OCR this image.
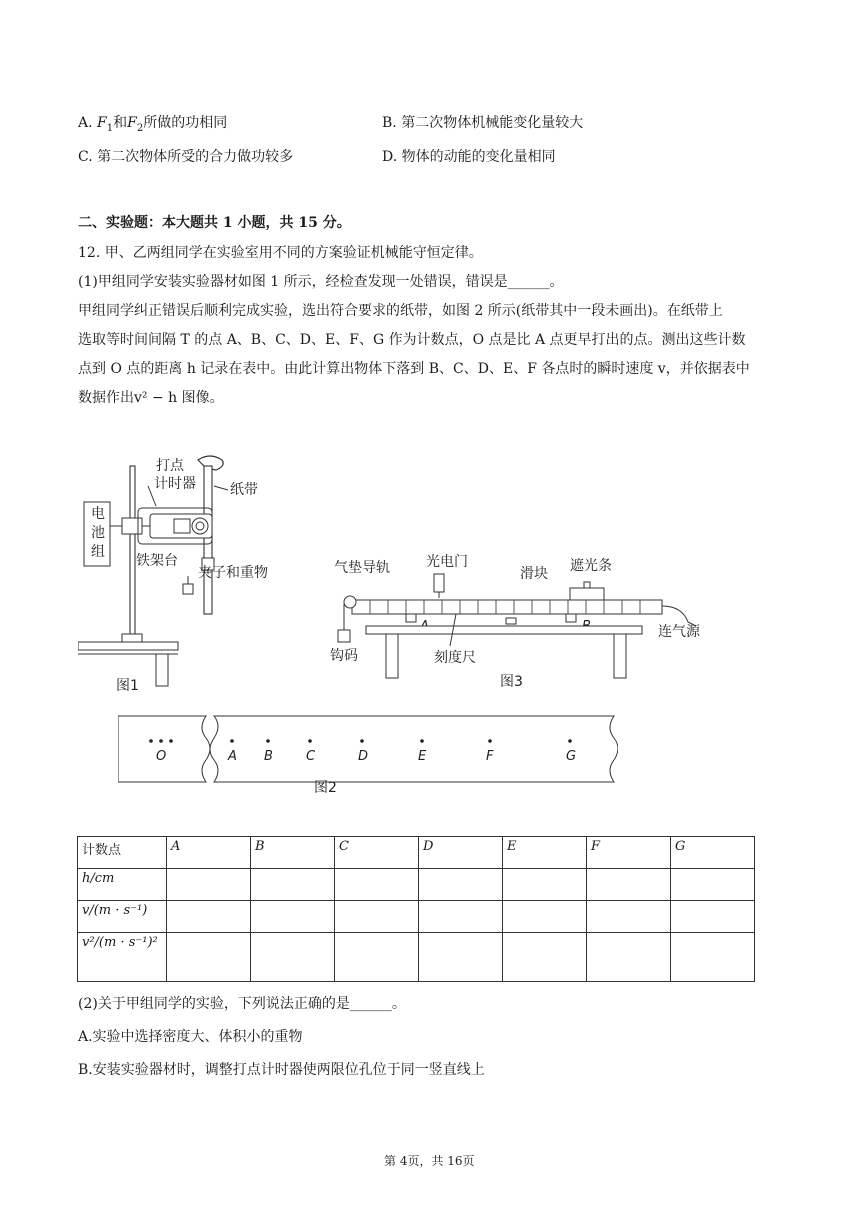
A. $F_1$和$F_2$所做的功相同	B. 第二次物体机械能变化量较大
C. 第二次物体所受的合力做功较多	D. 物体的动能的变化量相同
二、实验题：本大题共 1 小题，共 15 分。

12. 甲、乙两组同学在实验室用不同的方案验证机械能守恒定律。

(1)甲组同学安装实验器材如图 1 所示，经检查发现一处错误，错误是______。

甲组同学纠正错误后顺利完成实验，选出符合要求的纸带，如图 2 所示(纸带其中一段未画出)。在纸带上

选取等时间间隔 T 的点 A、B、C、D、E、F、G 作为计数点，O 点是比 A 点更早打出的点。测出这些计数

点到 O 点的距离 h 记录在表中。由此计算出物体下落到 B、C、D、E、F 各点时的瞬时速度 v，并依据表中

数据作出v² − h 图像。

电
池
组
打点
计时器 纸带
铁架台
夹子和重物
图1
气垫导轨	光电门
滑块 遮光条
钩码
连气源
刻度尺
图3
O	A B	C	D	E	F	G
图2
计数点	A	B	C	D	E	F	G
h/cm							
v/(m · s⁻¹)							
v²/(m · s⁻¹)²							

(2)关于甲组同学的实验，下列说法正确的是______。

A.实验中选择密度大、体积小的重物

B.安装实验器材时，调整打点计时器使两限位孔位于同一竖直线上

第 4页，共 16页
